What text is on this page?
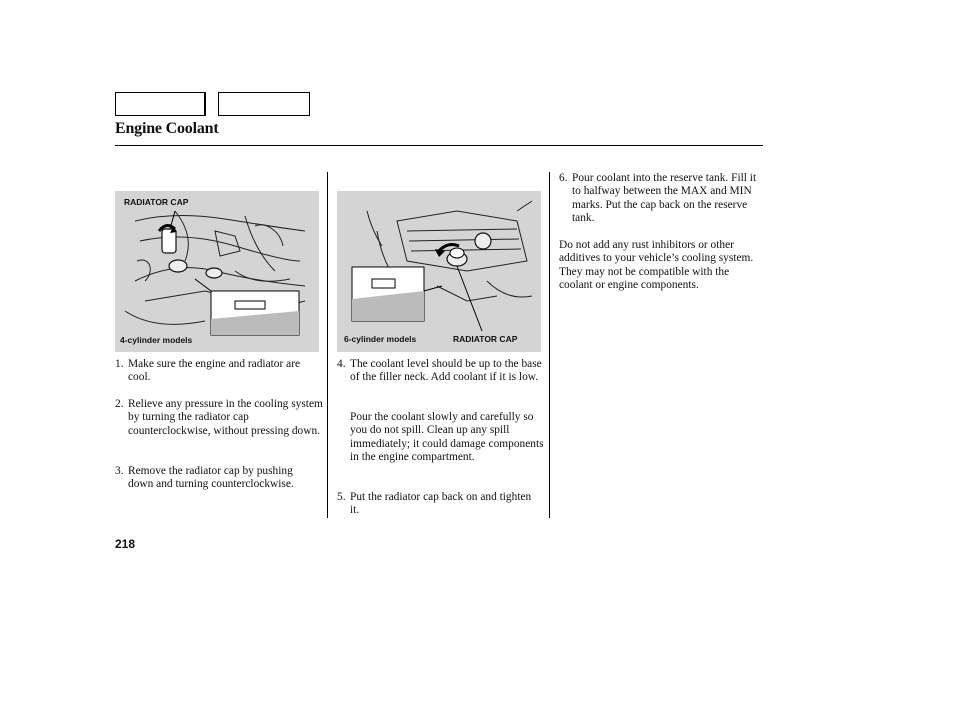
Engine Coolant
RADIATOR CAP
4-cylinder models	6-cylinder models	RADIATOR CAP
1. Make sure the engine and radiator are cool.
2. Relieve any pressure in the cooling system by turning the radiator cap counterclockwise, without pressing down.
3. Remove the radiator cap by pushing down and turning counterclockwise.
4. The coolant level should be up to the base of the filler neck. Add coolant if it is low.
Pour the coolant slowly and carefully so you do not spill. Clean up any spill immediately; it could damage components in the engine compartment.
5. Put the radiator cap back on and tighten it.
6. Pour coolant into the reserve tank. Fill it to halfway between the MAX and MIN marks. Put the cap back on the reserve tank.
Do not add any rust inhibitors or other additives to your vehicle’s cooling system. They may not be compatible with the coolant or engine components.
218
